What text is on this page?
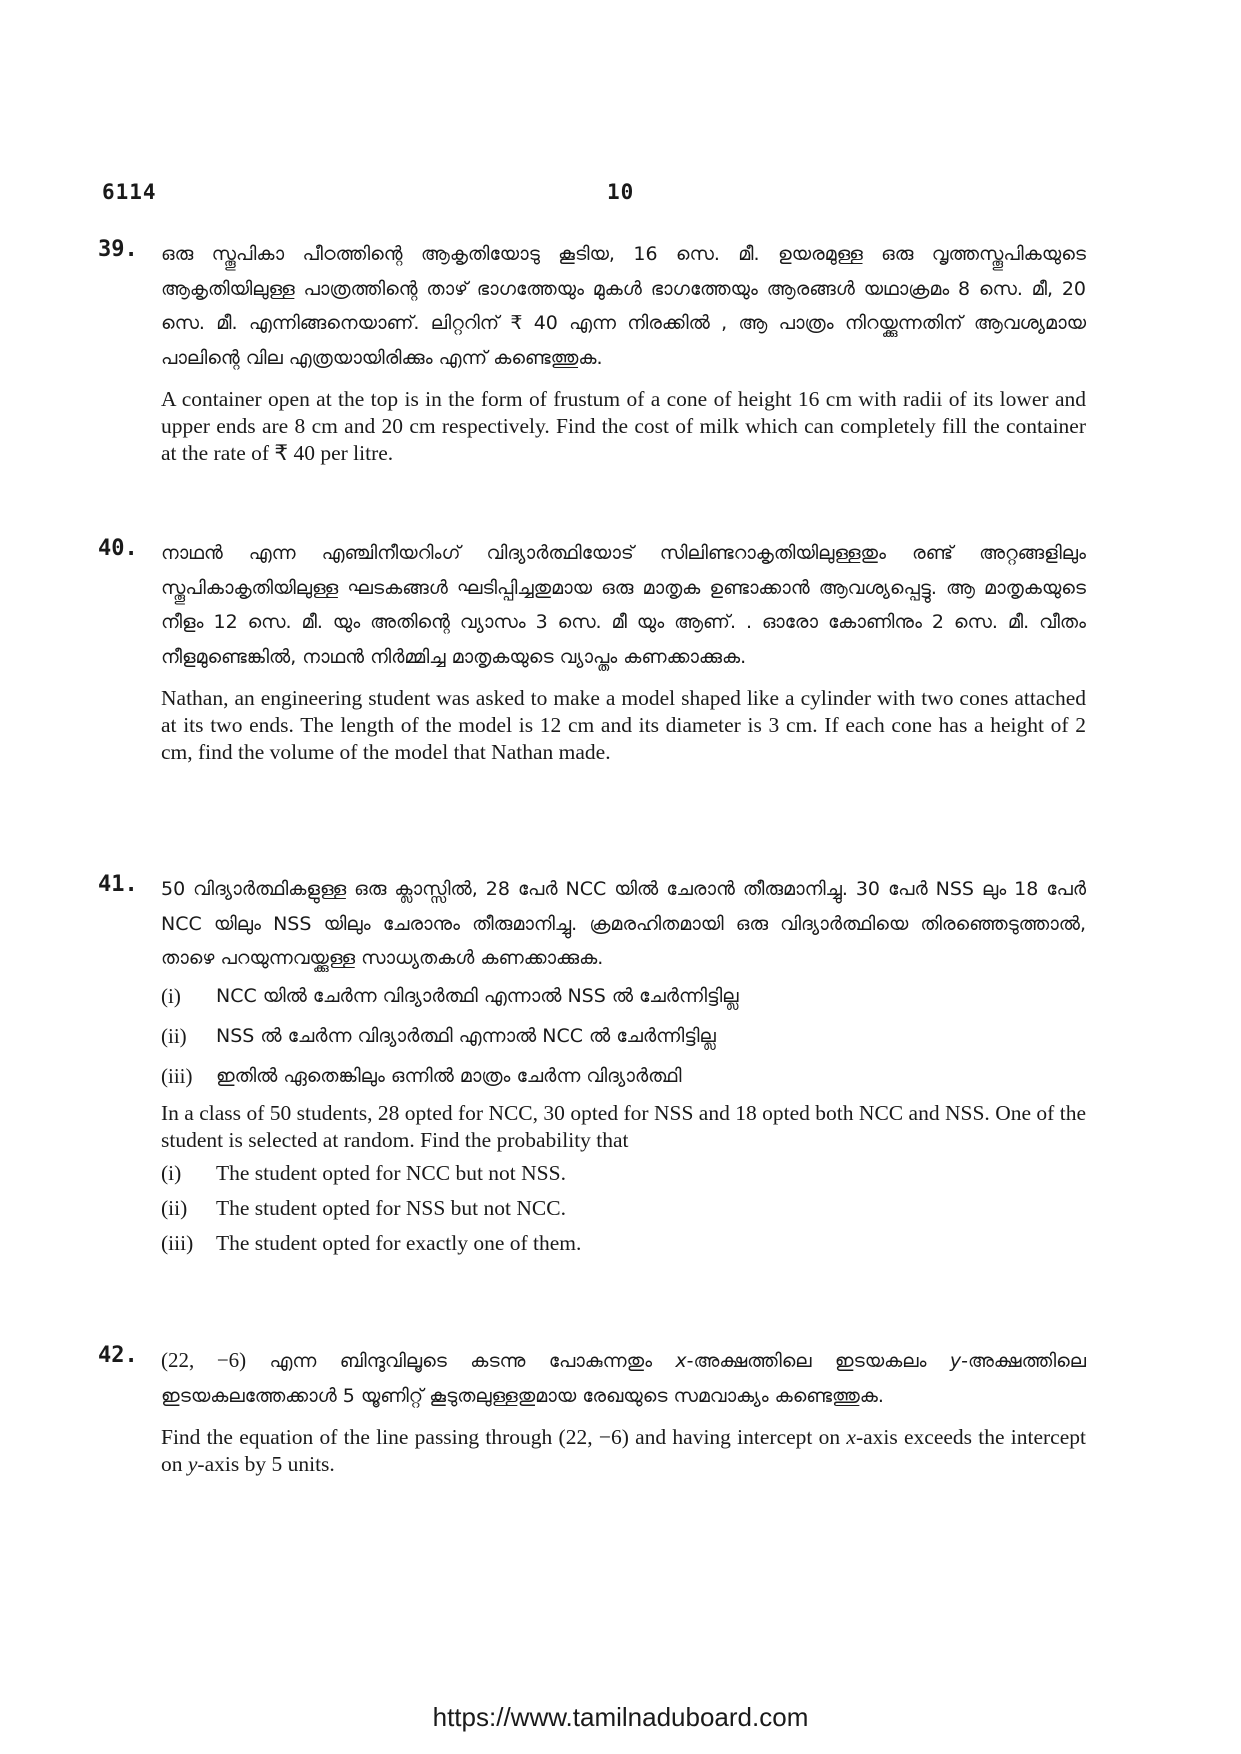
6114	10
39. ഒരു സ്തൂപികാ പീഠത്തിന്റെ ആകൃതിയോടു കൂടിയ, 16 സെ. മീ. ഉയരമുള്ള ഒരു വൃത്തസ്തൂപികയുടെ ആകൃതിയിലുള്ള പാത്രത്തിന്റെ താഴ് ഭാഗത്തേയും മുകൾ ഭാഗത്തേയും ആരങ്ങൾ യഥാക്രമം 8 സെ. മീ, 20 സെ. മീ. എന്നിങ്ങനെയാണ്. ലിറ്ററിന് ₹ 40 എന്ന നിരക്കിൽ , ആ പാത്രം നിറയ്ക്കുന്നതിന് ആവശ്യമായ പാലിന്റെ വില എത്രയായിരിക്കും എന്ന് കണ്ടെത്തുക.

A container open at the top is in the form of frustum of a cone of height 16 cm with radii of its lower and upper ends are 8 cm and 20 cm respectively. Find the cost of milk which can completely fill the container at the rate of ₹ 40 per litre.

40. നാഥൻ എന്ന എഞ്ചിനീയറിംഗ് വിദ്യാർത്ഥിയോട് സിലിണ്ടറാകൃതിയിലുള്ളതും രണ്ട് അറ്റങ്ങളിലും സ്തൂപികാകൃതിയിലുള്ള ഘടകങ്ങൾ ഘടിപ്പിച്ചതുമായ ഒരു മാതൃക ഉണ്ടാക്കാൻ ആവശ്യപ്പെട്ടു. ആ മാതൃകയുടെ നീളം 12 സെ. മീ. യും അതിന്റെ വ്യാസം 3 സെ. മീ യും ആണ്. . ഓരോ കോണിനും 2 സെ. മീ. വീതം നീളമുണ്ടെങ്കിൽ, നാഥൻ നിർമ്മിച്ച മാതൃകയുടെ വ്യാപ്തം കണക്കാക്കുക.

Nathan, an engineering student was asked to make a model shaped like a cylinder with two cones attached at its two ends. The length of the model is 12 cm and its diameter is 3 cm. If each cone has a height of 2 cm, find the volume of the model that Nathan made.

41. 50 വിദ്യാർത്ഥികളുള്ള ഒരു ക്ലാസ്സിൽ, 28 പേർ NCC യിൽ ചേരാൻ തീരുമാനിച്ചു. 30 പേർ NSS ലും 18 പേർ NCC യിലും NSS യിലും ചേരാനും തീരുമാനിച്ചു. ക്രമരഹിതമായി ഒരു വിദ്യാർത്ഥിയെ തിരഞ്ഞെടുത്താൽ, താഴെ പറയുന്നവയ്ക്കുള്ള സാധ്യതകൾ കണക്കാക്കുക.

(i)	NCC യിൽ ചേർന്ന വിദ്യാർത്ഥി എന്നാൽ NSS ൽ ചേർന്നിട്ടില്ല
(ii)	NSS ൽ ചേർന്ന വിദ്യാർത്ഥി എന്നാൽ NCC ൽ ചേർന്നിട്ടില്ല
(iii)	ഇതിൽ ഏതെങ്കിലും ഒന്നിൽ മാത്രം ചേർന്ന വിദ്യാർത്ഥി

In a class of 50 students, 28 opted for NCC, 30 opted for NSS and 18 opted both NCC and NSS. One of the student is selected at random. Find the probability that

(i)	The student opted for NCC but not NSS.
(ii)	The student opted for NSS but not NCC.
(iii)	The student opted for exactly one of them.
42. (22, −6) എന്ന ബിന്ദുവിലൂടെ കടന്നു പോകുന്നതും x-അക്ഷത്തിലെ ഇടയകലം y-അക്ഷത്തിലെ ഇടയകലത്തേക്കാൾ 5 യൂണിറ്റ് കൂടുതലുള്ളതുമായ രേഖയുടെ സമവാക്യം കണ്ടെത്തുക.

Find the equation of the line passing through (22, −6) and having intercept on x-axis exceeds the intercept on y-axis by 5 units.

https://www.tamilnaduboard.com
